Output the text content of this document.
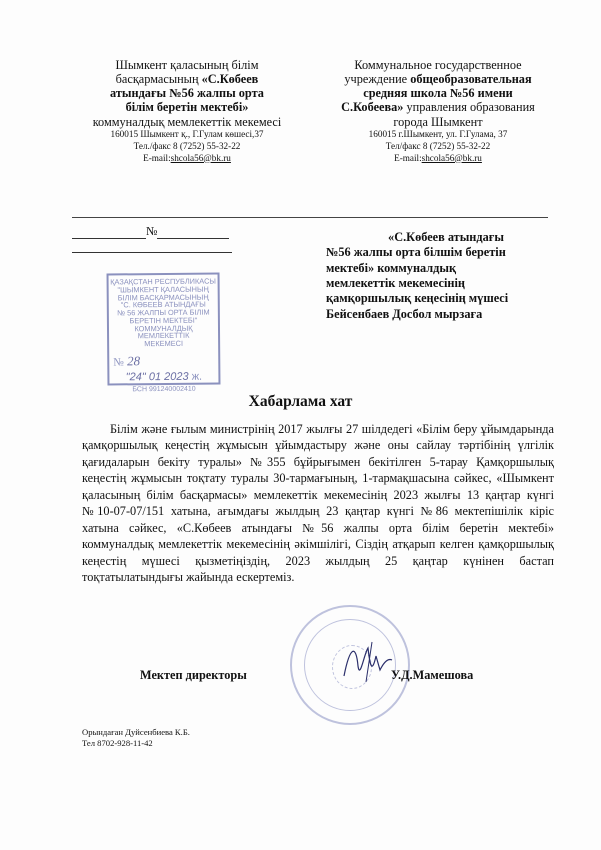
Шымкент қаласының білім
басқармасының «С.Көбеев
атындағы №56 жалпы орта
білім беретін мектебі»
коммуналдық мемлекеттік мекемесі
160015 Шымкент қ., Г.Гулам көшесі,37
Тел./факс 8 (7252) 55-32-22
E-mail:shcola56@bk.ru
Коммунальное государственное
учреждение общеобразовательная
средняя школа №56 имени
С.Кобеева» управления образования
города Шымкент
160015 г.Шымкент, ул. Г.Гулама, 37
Тел/факс 8 (7252) 55-32-22
E-mail:shcola56@bk.ru
№	«С.Көбеев атындағы
№56 жалпы орта білшім беретін
мектебі» коммуналдық
мемлекеттік мекемесінің
қамқоршылық кеңесінің мүшесі
Бейсенбаев Досбол мырзаға
ҚАЗАҚСТАН РЕСПУБЛИКАСЫ
"ШЫМКЕНТ ҚАЛАСЫНЫҢ
БІЛІМ БАСҚАРМАСЫНЫҢ
"С. КӨБЕЕВ АТЫНДАҒЫ
№ 56 ЖАЛПЫ ОРТА БІЛІМ
БЕРЕТІН МЕКТЕБІ"
КОММУНАЛДЫҚ МЕМЛЕКЕТТІК
МЕКЕМЕСІ
№ 28
"24" 01 2023 ж.
БСН 991240002410
Хабарлама хат
Білім және ғылым министрінің 2017 жылғы 27 шілдедегі «Білім беру ұйымдарында қамқоршылық кеңестің жұмысын ұйымдастыру және оны сайлау тәртібінің үлгілік қағидаларын бекіту туралы» №355 бұйрығымен бекітілген 5-тарау Қамқоршылық кеңестің жұмысын тоқтату туралы 30-тармағының, 1-тармақшасына сәйкес, «Шымкент қаласының білім басқармасы» мемлекеттік мекемесінің 2023 жылғы 13 қаңтар күнгі №10-07-07/151 хатына, ағымдағы жылдың 23 қаңтар күнгі №86 мектепішілік кіріс хатына сәйкес, «С.Көбеев атындағы №56 жалпы орта білім беретін мектебі» коммуналдық мемлекеттік мекемесінің әкімшілігі, Сіздің атқарып келген қамқоршылық кеңестің мүшесі қызметіңіздің, 2023 жылдың 25 қаңтар күнінен бастап тоқтатылатындығы жайында ескертеміз.
Мектеп директоры	У.Д.Мамешова
Орындаған Дуйсенбиева К.Б.
Тел 8702-928-11-42
